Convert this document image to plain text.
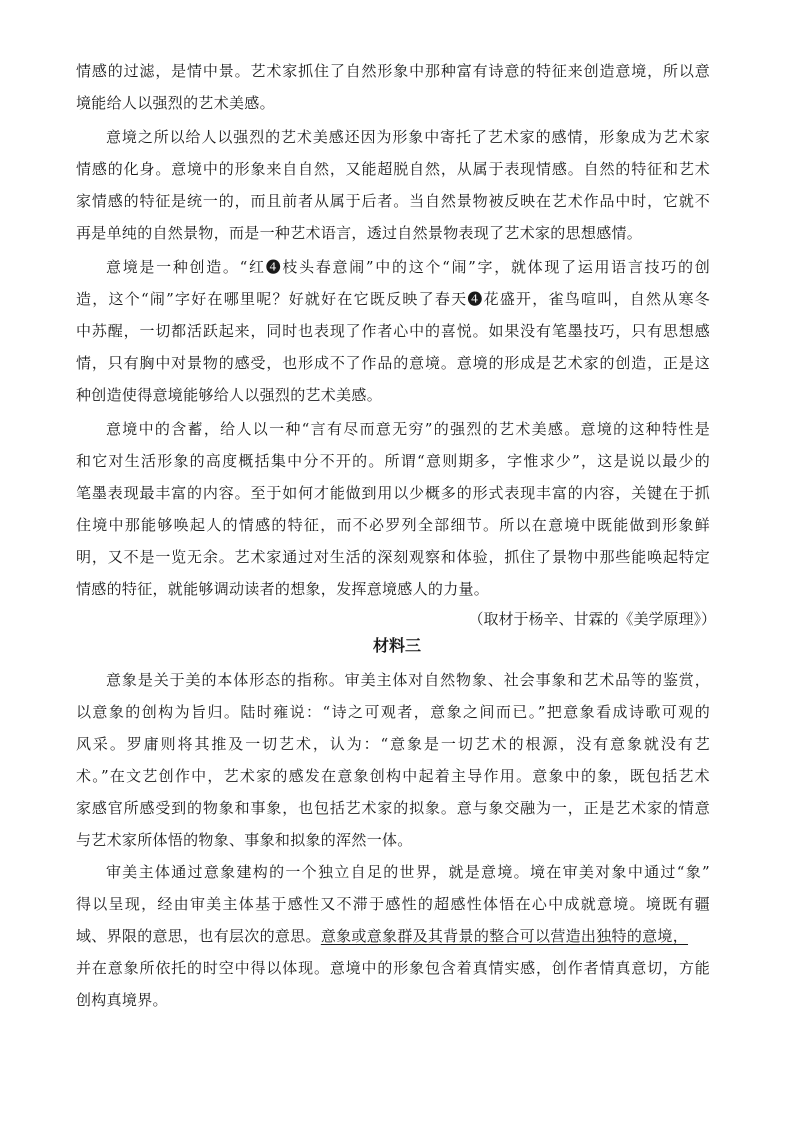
情感的过滤，是情中景。艺术家抓住了自然形象中那种富有诗意的特征来创造意境，所以意
境能给人以强烈的艺术美感。
意境之所以给人以强烈的艺术美感还因为形象中寄托了艺术家的感情，形象成为艺术家
情感的化身。意境中的形象来自自然，又能超脱自然，从属于表现情感。自然的特征和艺术
家情感的特征是统一的，而且前者从属于后者。当自然景物被反映在艺术作品中时，它就不
再是单纯的自然景物，而是一种艺术语言，透过自然景物表现了艺术家的思想感情。
意境是一种创造。“红❹枝头春意闹”中的这个“闹”字，就体现了运用语言技巧的创
造，这个“闹”字好在哪里呢？好就好在它既反映了春天❹花盛开，雀鸟喧叫，自然从寒冬
中苏醒，一切都活跃起来，同时也表现了作者心中的喜悦。如果没有笔墨技巧，只有思想感
情，只有胸中对景物的感受，也形成不了作品的意境。意境的形成是艺术家的创造，正是这
种创造使得意境能够给人以强烈的艺术美感。
意境中的含蓄，给人以一种“言有尽而意无穷”的强烈的艺术美感。意境的这种特性是
和它对生活形象的高度概括集中分不开的。所谓“意则期多，字惟求少”，这是说以最少的
笔墨表现最丰富的内容。至于如何才能做到用以少概多的形式表现丰富的内容，关键在于抓
住境中那能够唤起人的情感的特征，而不必罗列全部细节。所以在意境中既能做到形象鲜
明，又不是一览无余。艺术家通过对生活的深刻观察和体验，抓住了景物中那些能唤起特定
情感的特征，就能够调动读者的想象，发挥意境感人的力量。
（取材于杨辛、甘霖的《美学原理》）
材料三
意象是关于美的本体形态的指称。审美主体对自然物象、社会事象和艺术品等的鉴赏，
以意象的创构为旨归。陆时雍说：“诗之可观者，意象之间而已。”把意象看成诗歌可观的
风采。罗庸则将其推及一切艺术，认为：“意象是一切艺术的根源，没有意象就没有艺
术。”在文艺创作中，艺术家的感发在意象创构中起着主导作用。意象中的象，既包括艺术
家感官所感受到的物象和事象，也包括艺术家的拟象。意与象交融为一，正是艺术家的情意
与艺术家所体悟的物象、事象和拟象的浑然一体。
审美主体通过意象建构的一个独立自足的世界，就是意境。境在审美对象中通过“象”
得以呈现，经由审美主体基于感性又不滞于感性的超感性体悟在心中成就意境。境既有疆
域、界限的意思，也有层次的意思。意象或意象群及其背景的整合可以营造出独特的意境，
并在意象所依托的时空中得以体现。意境中的形象包含着真情实感，创作者情真意切，方能
创构真境界。
